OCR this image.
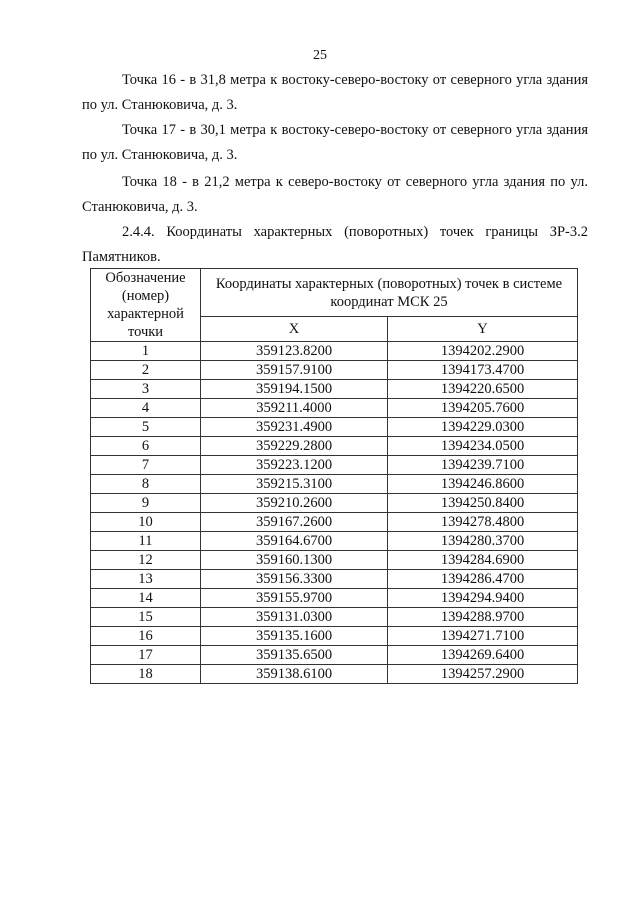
25

Точка 16 - в 31,8 метра к востоку-северо-востоку от северного угла здания по ул. Станюковича, д. 3.

Точка 17 - в 30,1 метра к востоку-северо-востоку от северного угла здания по ул. Станюковича, д. 3.

Точка 18 - в 21,2 метра к северо-востоку от северного угла здания по ул. Станюковича, д. 3.

2.4.4. Координаты характерных (поворотных) точек границы ЗР-3.2 Памятников.

Обозначение (номер) характерной точки	Координаты характерных (поворотных) точек в системе координат МСК 25	
	X	Y
1	359123.8200	1394202.2900
2	359157.9100	1394173.4700
3	359194.1500	1394220.6500
4	359211.4000	1394205.7600
5	359231.4900	1394229.0300
6	359229.2800	1394234.0500
7	359223.1200	1394239.7100
8	359215.3100	1394246.8600
9	359210.2600	1394250.8400
10	359167.2600	1394278.4800
11	359164.6700	1394280.3700
12	359160.1300	1394284.6900
13	359156.3300	1394286.4700
14	359155.9700	1394294.9400
15	359131.0300	1394288.9700
16	359135.1600	1394271.7100
17	359135.6500	1394269.6400
18	359138.6100	1394257.2900
